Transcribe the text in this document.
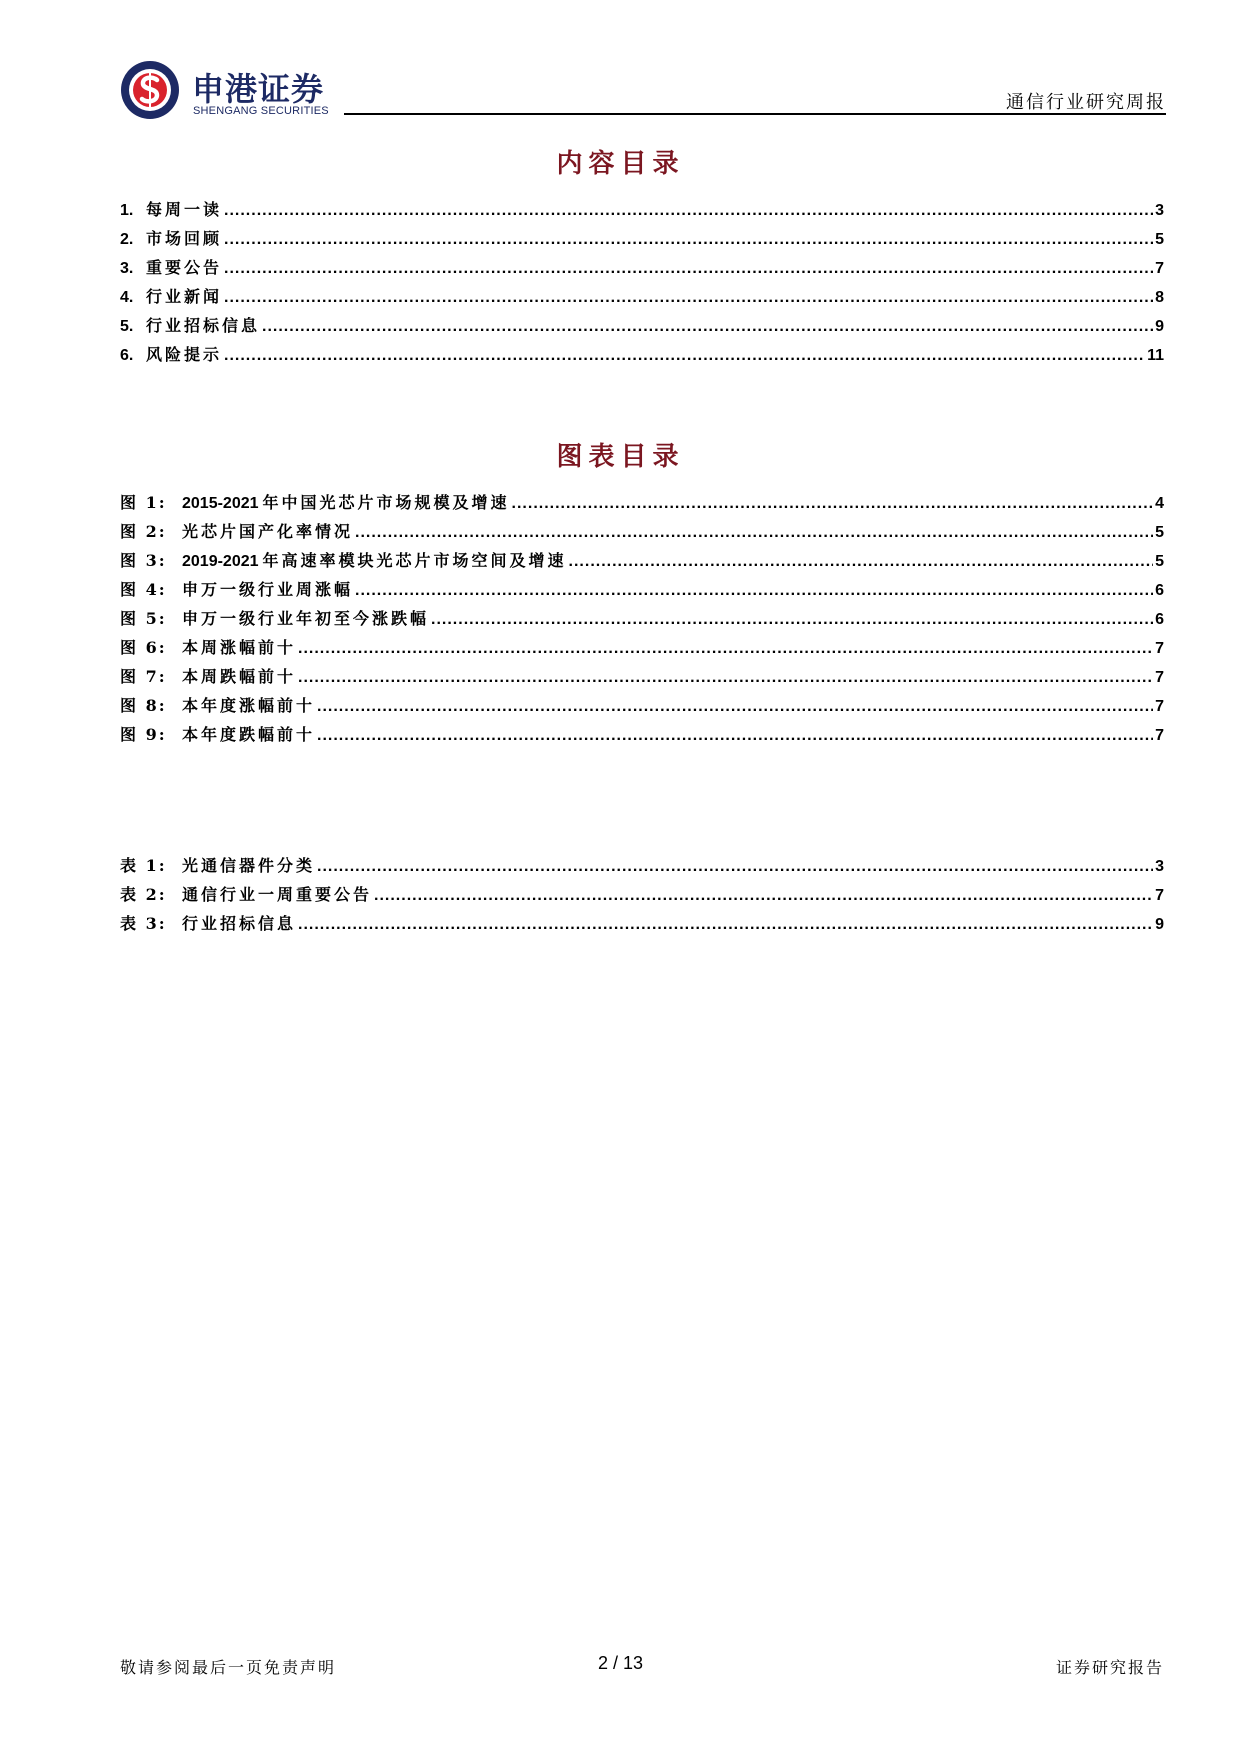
申港证券
SHENGANG SECURITIES	通信行业研究周报
内容目录
1. 每周一读 .....	3
2. 市场回顾 .....	5
3. 重要公告 .....	7
4. 行业新闻 .....	8
5. 行业招标信息 .....	9
6. 风险提示 .....	11
图表目录
图 1: 2015-2021 年中国光芯片市场规模及增速 .....	4
图 2: 光芯片国产化率情况 .....	5
图 3: 2019-2021 年高速率模块光芯片市场空间及增速 .....	5
图 4: 申万一级行业周涨幅 .....	6
图 5: 申万一级行业年初至今涨跌幅 .....	6
图 6: 本周涨幅前十 .....	7
图 7: 本周跌幅前十 .....	7
图 8: 本年度涨幅前十 .....	7
图 9: 本年度跌幅前十 .....	7
表 1: 光通信器件分类 .....	3
表 2: 通信行业一周重要公告 .....	7
表 3: 行业招标信息 .....	9
敬请参阅最后一页免责声明	2 / 13	证券研究报告
